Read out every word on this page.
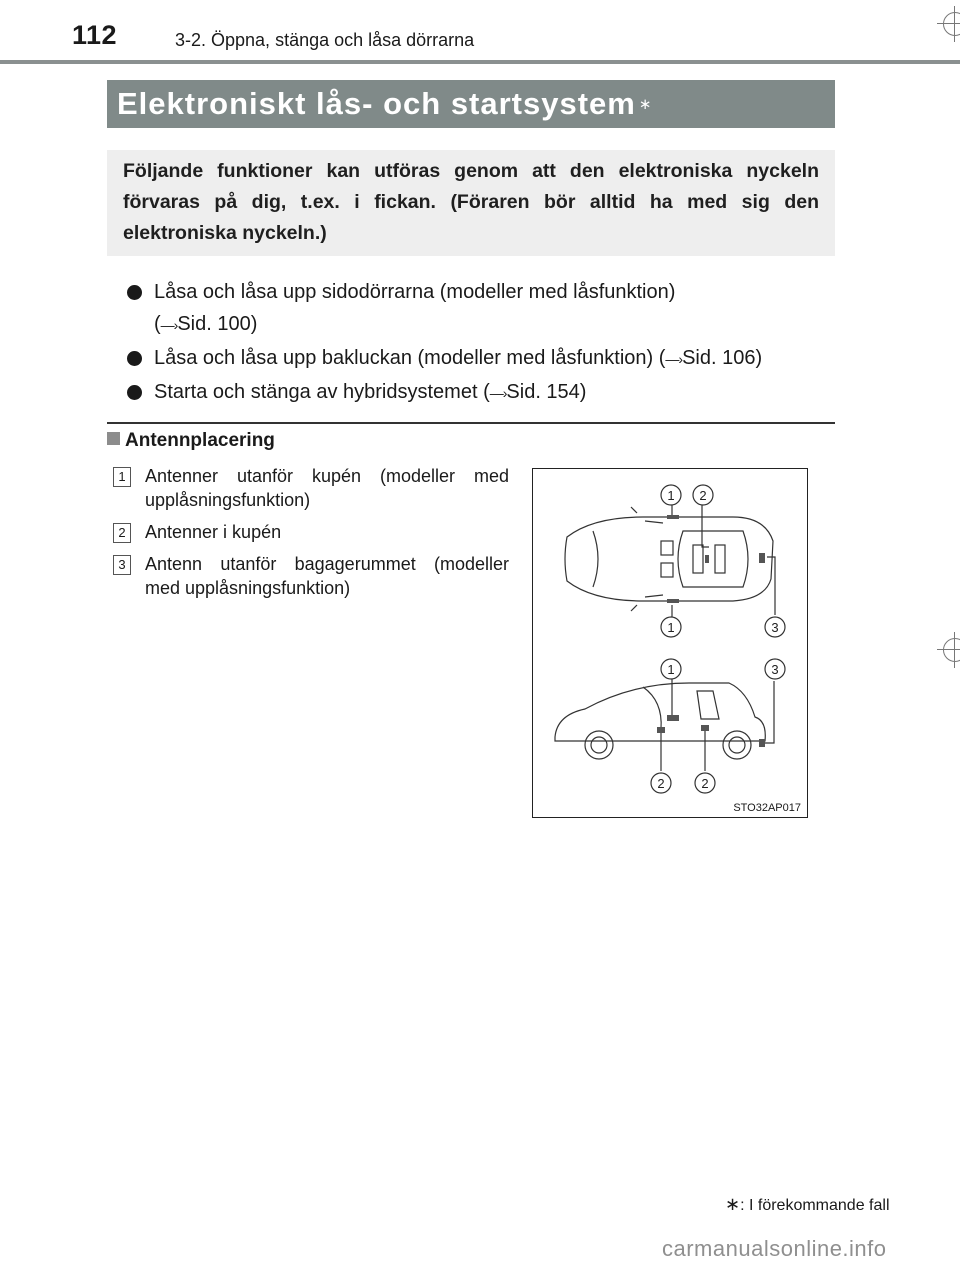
112	3-2. Öppna, stänga och låsa dörrarna
Elektroniskt lås- och startsystem ∗
Följande funktioner kan utföras genom att den elektroniska nyckeln förvaras på dig, t.ex. i fickan. (Föraren bör alltid ha med sig den elektroniska nyckeln.)
Låsa och låsa upp sidodörrarna (modeller med låsfunktion)
(—›Sid. 100)
Låsa och låsa upp bakluckan (modeller med låsfunktion) (—›Sid. 106)
Starta och stänga av hybridsystemet (—›Sid. 154)
Antennplacering
1 Antenner utanför kupén (modeller med upplåsningsfunktion)
2 Antenner i kupén
3 Antenn utanför bagagerummet (modeller med upplåsningsfunktion)
1 2
1	3
1	3
2	2
STO32AP017
∗: I förekommande fall
carmanualsonline.info
